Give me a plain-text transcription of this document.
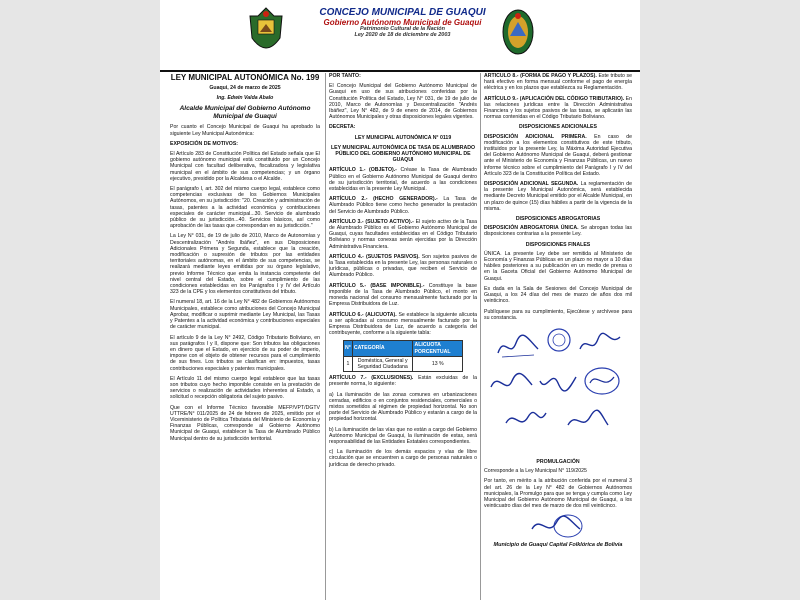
CONCEJO MUNICIPAL DE GUAQUI
Gobierno Autónomo Municipal de Guaqui
Patrimonio Cultural de la Nación
Ley 2020 de 18 de diciembre de 2003
LEY MUNICIPAL AUTONÓMICA No. 199

Guaqui, 24 de marzo de 2025

Ing. Edwin Valda Abalo

Alcalde Municipal del Gobierno Autónomo Municipal de Guaqui

Por cuanto el Concejo Municipal de Guaqui ha aprobado la siguiente Ley Municipal Autonómica:

EXPOSICIÓN DE MOTIVOS:

El Artículo 283 de Constitución Política del Estado señala que El gobierno autónomo municipal está constituido por un Concejo Municipal con facultad deliberativa, fiscalizadora y legislativa municipal en el ámbito de sus competencias; y un órgano ejecutivo, presidido por la Alcaldesa o el Alcalde.

El parágrafo I, art. 302 del mismo cuerpo legal, establece como competencias exclusivas de los Gobiernos Municipales Autónomos, en su jurisdicción: "20. Creación y administración de tasas, patentes a la actividad económica y contribuciones especiales de carácter municipal...30. Servicio de alumbrado público de su jurisdicción...40. Servicios básicos, así como aprobación de las tasas que correspondan en su jurisdicción."

La Ley N° 031, de 19 de julio de 2010, Marco de Autonomías y Descentralización "Andrés Ibáñez", en sus Disposiciones Adicionales Primera y Segunda, establece que la creación, modificación o supresión de tributos por las entidades territoriales autónomas, en el ámbito de sus competencias, se realizará mediante leyes emitidas por su órgano legislativo, previo Informe Técnico que emita la instancia competente del nivel central del Estado, sobre el cumplimiento de las condiciones establecidas en los Parágrafos I y IV del Artículo 323 de la CPE y los elementos constitutivos del tributo.

El numeral 18, art. 16 de la Ley N° 482 de Gobiernos Autónomos Municipales, establece como atribuciones del Concejo Municipal Aprobar, modificar o suprimir mediante Ley Municipal, las Tasas y Patentes a la actividad económica y contribuciones especiales de carácter municipal.

El artículo 9 de la Ley N° 2492, Código Tributario Boliviano, en sus parágrafos I y II, dispone que: Son tributos las obligaciones en dinero que el Estado, en ejercicio de su poder de imperio, impone con el objeto de obtener recursos para el cumplimiento de sus fines. Los tributos se clasifican en: impuestos, tasas contribuciones especiales y patentes municipales.

El Artículo 11 del mismo cuerpo legal establece que las tasas son tributos cuyo hecho imponible consiste en la prestación de servicios o realización de actividades inherentes al Estado, a solicitud o recepción obligatoria del sujeto pasivo.

Que con el Informe Técnico favorable MEFP/VPT/DGTV UTTRE/N° 011/2025 de 24 de febrero de 2025, emitido por el Viceministerio de Política Tributaria del Ministerio de Economía y Finanzas Públicas, corresponde al Gobierno Autónomo Municipal de Guaqui, establecer la Tasa de Alumbrado Público Municipal dentro de su jurisdicción territorial.

POR TANTO:

El Concejo Municipal del Gobierno Autónomo Municipal de Guaqui en uso de sus atribuciones conferidas por la Constitución Política del Estado, Ley N° 031, de 19 de julio de 2010, Marco de Autonomías y Descentralización "Andrés Ibáñez", Ley N° 482, de 9 de enero de 2014, de Gobiernos Autónomos Municipales y otras disposiciones legales vigentes.

DECRETA:

LEY MUNICIPAL AUTONÓMICA N° 0119

LEY MUNICIPAL AUTONÓMICA DE TASA DE ALUMBRADO PÚBLICO DEL GOBIERNO AUTÓNOMO MUNICIPAL DE GUAQUI

ARTÍCULO 1.- (OBJETO).- Créase la Tasa de Alumbrado Público en el Gobierno Autónomo Municipal de Guaqui dentro de su jurisdicción territorial, de acuerdo a las condiciones establecidas en la presente Ley Municipal.

ARTÍCULO 2.- (HECHO GENERADOR).- La Tasa de Alumbrado Público tiene como hecho generador la prestación del Servicio de Alumbrado Público.

ARTÍCULO 3.- (SUJETO ACTIVO).- El sujeto activo de la Tasa de Alumbrado Público es el Gobierno Autónomo Municipal de Guaqui, cuyas facultades establecidas en el Código Tributario Boliviano y normas conexas serán ejercidas por la Dirección Administrativa Financiera.

ARTÍCULO 4.- (SUJETOS PASIVOS). Son sujetos pasivos de la Tasa establecida en la presente Ley, las personas naturales o jurídicas, públicas o privadas, que reciben el Servicio de Alumbrado Público.

ARTÍCULO 5.- (BASE IMPONIBLE).- Constituye la base imponible de la Tasa de Alumbrado Público, el monto en moneda nacional del consumo mensualmente facturado por la Empresa Distribuidora de Luz.

ARTÍCULO 6.- (ALICUOTA). Se establece la siguiente alícuota a ser aplicadas al consumo mensualmente facturado por la Empresa Distribuidora de Luz, de acuerdo a categoría del contribuyente, conforme a la siguiente tabla:

N°	CATEGORÍA	ALICUOTA PORCENTUAL
1	Doméstica, General y Seguridad Ciudadana	13 %

ARTÍCULO 7.- (EXCLUSIONES). Están excluidas de la presente norma, lo siguiente:

a) La iluminación de las zonas comunes en urbanizaciones cerradas, edificios o en conjuntos residenciales, comerciales o mixtos sometidos al régimen de propiedad horizontal. No son parte del Servicio de Alumbrado Público y estarán a cargo de la propiedad horizontal.

b) La iluminación de las vías que no están a cargo del Gobierno Autónomo Municipal de Guaqui, la iluminación de estas, será responsabilidad de las Entidades Estatales correspondientes.

c) La iluminación de los demás espacios y vías de libre circulación que se encuentren a cargo de personas naturales o jurídicas de derecho privado.

ARTÍCULO 8.- (FORMA DE PAGO Y PLAZOS). Este tributo se hará efectivo en forma mensual conforme el pago de energía eléctrica y en los plazos que establezca su Reglamentación.

ARTÍCULO 9.- (APLICACIÓN DEL CÓDIGO TRIBUTARIO). En las relaciones jurídicas entre la Dirección Administrativa Financiera y los sujetos pasivos de las tasas, se aplicarán las normas contenidas en el Código Tributario Boliviano.

DISPOSICIONES ADICIONALES

DISPOSICIÓN ADICIONAL PRIMERA. En caso de modificación a los elementos constitutivos de este tributo, instituidos por la presente Ley, la Máxima Autoridad Ejecutiva del Gobierno Autónomo Municipal de Guaqui, deberá gestionar ante el Ministerio de Economía y Finanzas Públicas, un nuevo informe técnico sobre el cumplimiento del Parágrafo I y IV del Artículo 323 de la Constitución Política del Estado.

DISPOSICIÓN ADICIONAL SEGUNDA. La reglamentación de la presente Ley Municipal Autonómica, será establecida mediante Decreto Municipal emitido por el Alcalde Municipal, en un plazo de quince (15) días hábiles a partir de la vigencia de la misma.

DISPOSICIONES ABROGATORIAS

DISPOSICIÓN ABROGATORIA ÚNICA. Se abrogan todas las disposiciones contrarias a la presente Ley.

DISPOSICIONES FINALES

ÚNICA. La presente Ley debe ser remitida al Ministerio de Economía y Finanzas Públicas en un plazo no mayor a 10 días hábiles posteriores a su publicación en un medio de prensa o en la Gaceta Oficial del Gobierno Autónomo Municipal de Guaqui.

Es dada en la Sala de Sesiones del Concejo Municipal de Guaqui, a los 24 días del mes de marzo de años dos mil veinticinco.

Publíquese para su cumplimiento, Ejecútese y archívese para su constancia.

PROMULGACIÓN

Corresponde a la Ley Municipal N° 119/2025

Por tanto, en mérito a la atribución conferida por el numeral 3 del art. 26 de la Ley N° 482 de Gobiernos Autónomos municipales, la Promulgo para que se tenga y cumpla como Ley Municipal del Gobierno Autónomo Municipal de Guaqui, a los veinticuatro días del mes de marzo de dos mil veinticinco.

Municipio de Guaqui Capital Folklórica de Bolivia
